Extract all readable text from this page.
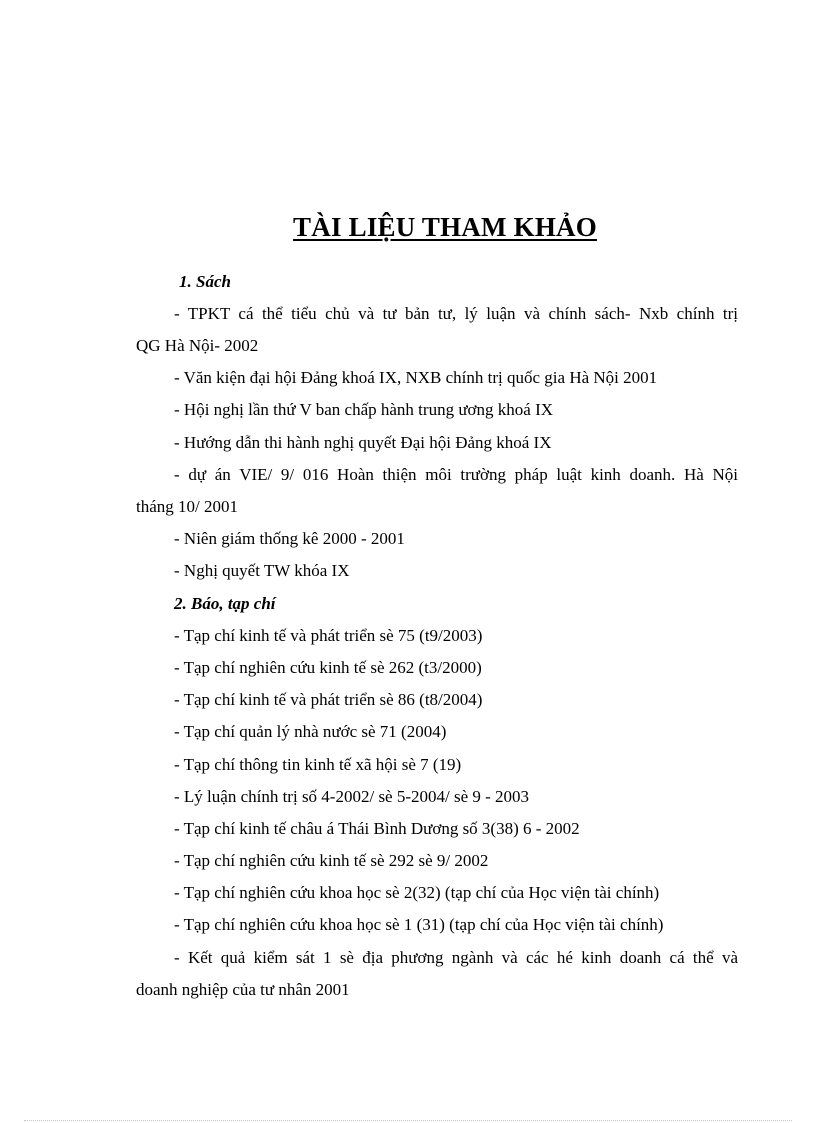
TÀI LIỆU THAM KHẢO
1. Sách
- TPKT cá thể tiểu chủ và tư bản tư, lý luận và chính sách- Nxb chính trị
QG Hà Nội- 2002
- Văn kiện đại hội Đảng khoá IX, NXB chính trị quốc gia Hà Nội 2001
- Hội nghị lần thứ V ban chấp hành trung ương khoá IX
- Hướng dẫn thi hành nghị quyết Đại hội Đảng khoá IX
- dự án VIE/ 9/ 016 Hoàn thiện môi trường pháp luật kinh doanh. Hà Nội
tháng 10/ 2001
- Niên giám thống kê 2000 - 2001
- Nghị quyết TW khóa IX
2. Báo, tạp chí
- Tạp chí kinh tế và phát triển sè 75 (t9/2003)
- Tạp chí nghiên cứu kinh tế sè 262 (t3/2000)
- Tạp chí kinh tế và phát triển sè 86 (t8/2004)
- Tạp chí quản lý nhà nước sè 71 (2004)
- Tạp chí thông tin kinh tế xã hội sè 7 (19)
- Lý luận chính trị số 4-2002/ sè 5-2004/ sè 9 - 2003
- Tạp chí kinh tế châu á Thái Bình Dương số 3(38) 6 - 2002
- Tạp chí nghiên cứu kinh tế sè 292 sè 9/ 2002
- Tạp chí nghiên cứu khoa học sè 2(32) (tạp chí của Học viện tài chính)
- Tạp chí nghiên cứu khoa học sè 1 (31) (tạp chí của Học viện tài chính)
- Kết quả kiểm sát 1 sè địa phương ngành và các hé kinh doanh cá thể và
doanh nghiệp của tư nhân 2001
